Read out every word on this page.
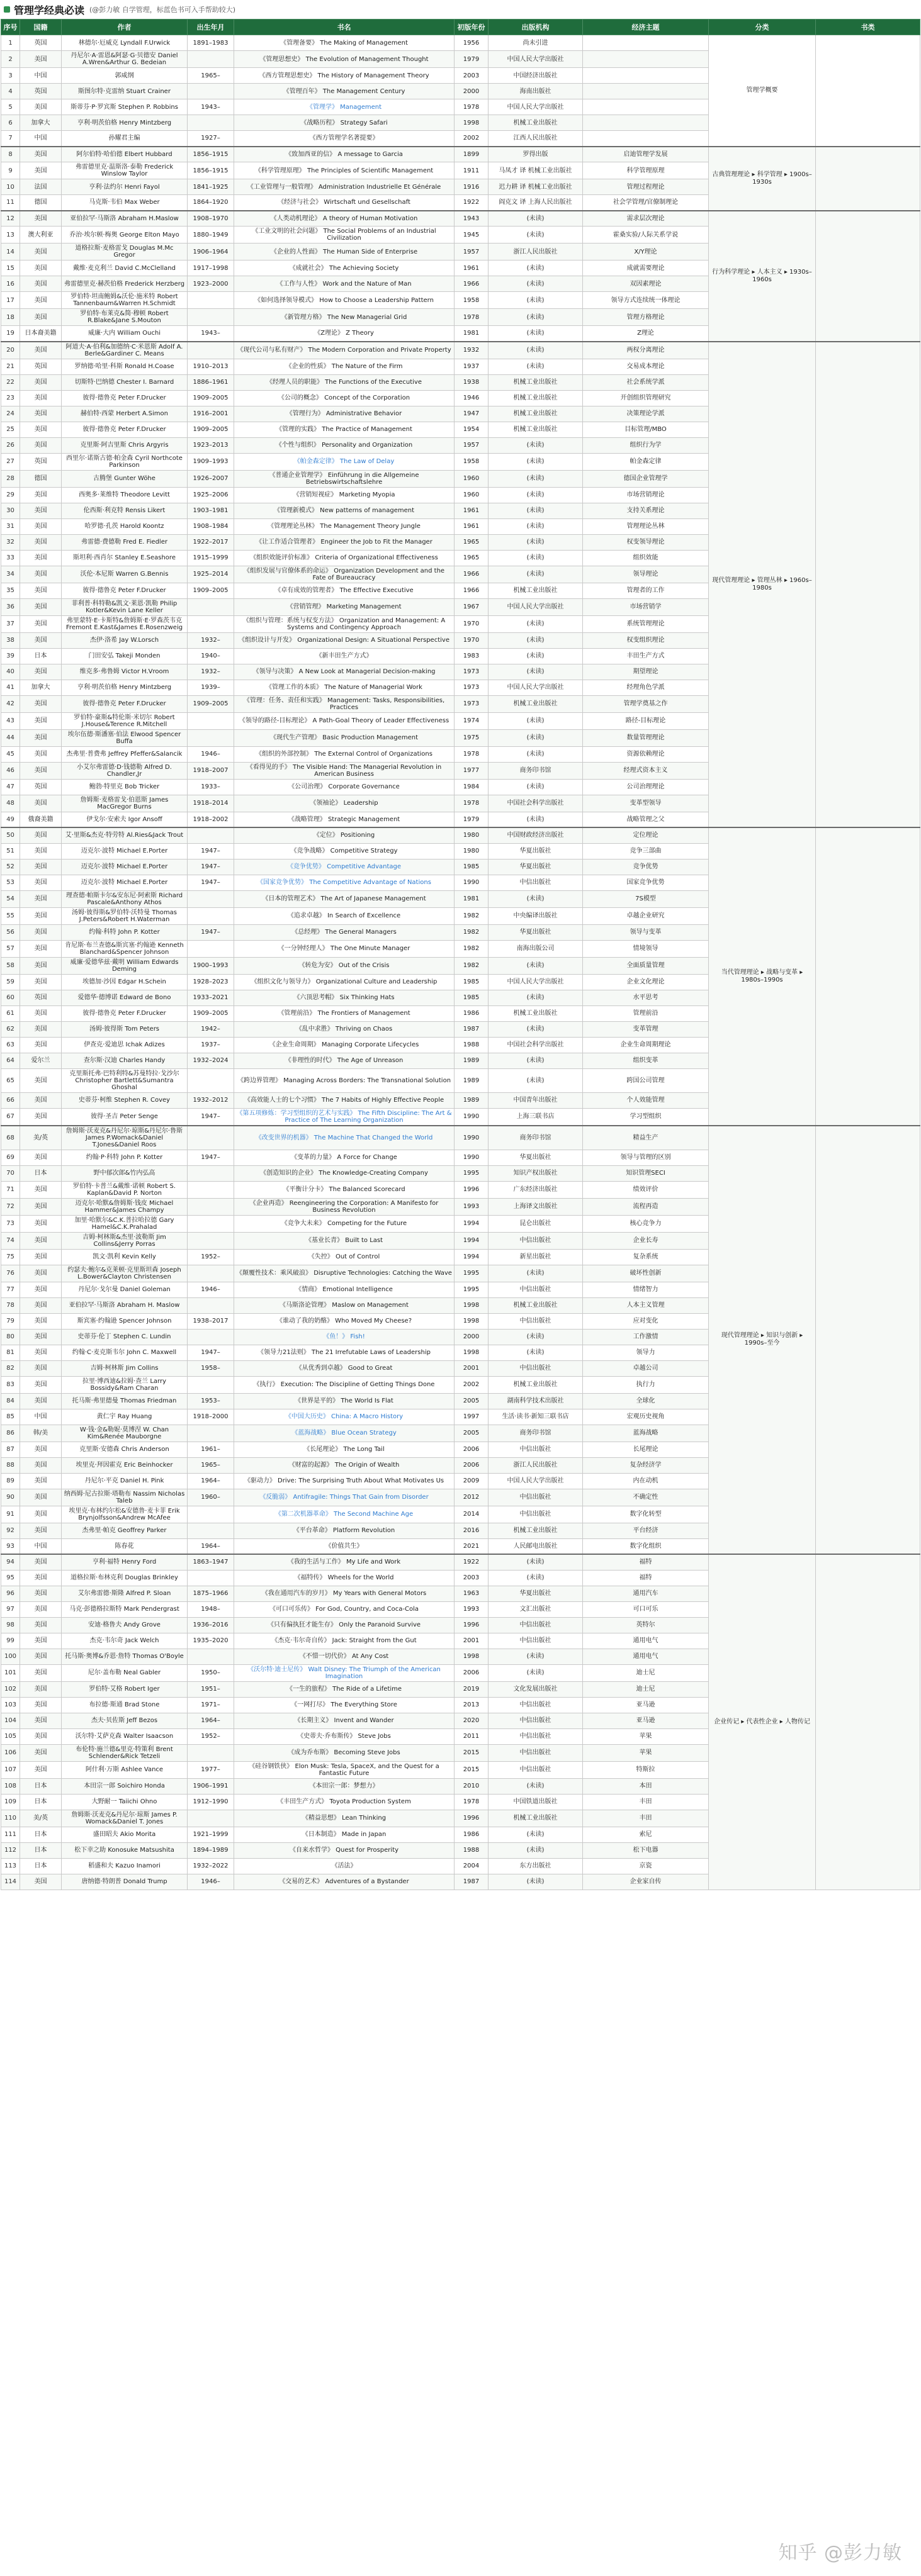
管理学经典必读 (@彭力敏 自学管理，标蓝色书可入手帮助较大)
序号	国籍	作者	出生年月	书名	初版年份	出版机构	经济主题	分类	书类
1	英国	林德尔·厄威克 Lyndall F.Urwick	1891–1983	《管理备要》 The Making of Management	1956	尚未引进		管理学概要	
2	美国	丹尼尔·A·雷恩&阿瑟·G·贝德安 Daniel A.Wren&Arthur G. Bedeian		《管理思想史》 The Evolution of Management Thought	1979	中国人民大学出版社			
3	中国	郭咸纲	1965–	《西方管理思想史》 The History of Management Theory	2003	中国经济出版社			
4	英国	斯图尔特·克雷纳 Stuart Crainer		《管理百年》 The Management Century	2000	海南出版社			
5	美国	斯蒂芬·P·罗宾斯 Stephen P. Robbins	1943–	《管理学》 Management	1978	中国人民大学出版社			
6	加拿大	亨利·明茨伯格 Henry Mintzberg		《战略历程》 Strategy Safari	1998	机械工业出版社			
7	中国	孙耀君主编	1927–	《西方管理学名著提要》	2002	江西人民出版社			
8	美国	阿尔伯特·哈伯德 Elbert Hubbard	1856–1915	《致加西亚的信》 A message to Garcia	1899	罗得出版	启迪管理学发展	古典管理理论 ▸ 科学管理 ▸ 1900s–1930s	
9	美国	弗雷德里克·温斯洛·泰勒 Frederick Winslow Taylor	1856–1915	《科学管理原理》 The Principles of Scientific Management	1911	马凤才 译 机械工业出版社	科学管理原理		
10	法国	亨利·法约尔 Henri Fayol	1841–1925	《工业管理与一般管理》 Administration Industrielle Et Générale	1916	迟力耕 译 机械工业出版社	管理过程理论		
11	德国	马克斯·韦伯 Max Weber	1864–1920	《经济与社会》 Wirtschaft und Gesellschaft	1922	阎克文 译 上海人民出版社	社会学管理/官僚制理论		
12	美国	亚伯拉罕·马斯洛 Abraham H.Maslow	1908–1970	《人类动机理论》 A theory of Human Motivation	1943	(未读)	需求层次理论	行为科学理论 ▸ 人本主义 ▸ 1930s–1960s	
13	澳大利亚	乔治·埃尔顿·梅奥 George Elton Mayo	1880–1949	《工业文明的社会问题》 The Social Problems of an Industrial Civilization	1945	(未读)	霍桑实验/人际关系学说		
14	美国	道格拉斯·麦格雷戈 Douglas M.Mc Gregor	1906–1964	《企业的人性面》 The Human Side of Enterprise	1957	浙江人民出版社	X/Y理论		
15	美国	戴维·麦克利兰 David C.McClelland	1917–1998	《成就社会》 The Achieving Society	1961	(未读)	成就需要理论		
16	美国	弗雷德里克·赫茨伯格 Frederick Herzberg	1923–2000	《工作与人性》 Work and the Nature of Man	1966	(未读)	双因素理论		
17	美国	罗伯特·坦南鲍姆&沃伦·施米特 Robert Tannenbaum&Warren H.Schmidt		《如何选择领导模式》 How to Choose a Leadership Pattern	1958	(未读)	领导方式连续统一体理论		
18	美国	罗伯特·布莱克&简·穆顿 Robert R.Blake&Jane S.Mouton		《新管理方格》 The New Managerial Grid	1978	(未读)	管理方格理论		
19	日本裔美籍	威廉·大内 William Ouchi	1943–	《Z理论》 Z Theory	1981	(未读)	Z理论		
20	美国	阿道夫·A·伯利&加德纳·C·米恩斯 Adolf A. Berle&Gardiner C. Means		《现代公司与私有财产》 The Modern Corporation and Private Property	1932	(未读)	两权分离理论	现代管理理论 ▸ 管理丛林 ▸ 1960s–1980s	
21	英国	罗纳德·哈里·科斯 Ronald H.Coase	1910–2013	《企业的性质》 The Nature of the Firm	1937	(未读)	交易成本理论		
22	美国	切斯特·巴纳德 Chester I. Barnard	1886–1961	《经理人员的职能》 The Functions of the Executive	1938	机械工业出版社	社会系统学派		
23	美国	彼得·德鲁克 Peter F.Drucker	1909–2005	《公司的概念》 Concept of the Corporation	1946	机械工业出版社	开创组织管理研究		
24	美国	赫伯特·西蒙 Herbert A.Simon	1916–2001	《管理行为》 Administrative Behavior	1947	机械工业出版社	决策理论学派		
25	美国	彼得·德鲁克 Peter F.Drucker	1909–2005	《管理的实践》 The Practice of Management	1954	机械工业出版社	目标管理/MBO		
26	美国	克里斯·阿吉里斯 Chris Argyris	1923–2013	《个性与组织》 Personality and Organization	1957	(未读)	组织行为学		
27	英国	西里尔·诺斯古德·帕金森 Cyril Northcote Parkinson	1909–1993	《帕金森定律》 The Law of Delay	1958	(未读)	帕金森定律		
28	德国	古腾堡 Gunter Wöhe	1926–2007	《普通企业管理学》 Einführung in die Allgemeine Betriebswirtschaftslehre	1960	(未读)	德国企业管理学		
29	美国	西奥多·莱维特 Theodore Levitt	1925–2006	《营销短视症》 Marketing Myopia	1960	(未读)	市场营销理论		
30	美国	伦西斯·利克特 Rensis Likert	1903–1981	《管理新模式》 New patterns of management	1961	(未读)	支持关系理论		
31	美国	哈罗德·孔茨 Harold Koontz	1908–1984	《管理理论丛林》 The Management Theory Jungle	1961	(未读)	管理理论丛林		
32	美国	弗雷德·费德勒 Fred E. Fiedler	1922–2017	《让工作适合管理者》 Engineer the Job to Fit the Manager	1965	(未读)	权变领导理论		
33	美国	斯坦利·西肖尔 Stanley E.Seashore	1915–1999	《组织效能评价标准》 Criteria of Organizational Effectiveness	1965	(未读)	组织效能		
34	美国	沃伦·本尼斯 Warren G.Bennis	1925–2014	《组织发展与官僚体系的命运》 Organization Development and the Fate of Bureaucracy	1966	(未读)	领导理论		
35	美国	彼得·德鲁克 Peter F.Drucker	1909–2005	《卓有成效的管理者》 The Effective Executive	1966	机械工业出版社	管理者的工作		
36	美国	菲利普·科特勒&凯文·莱恩·凯勒 Philip Kotler&Kevin Lane Keller		《营销管理》 Marketing Management	1967	中国人民大学出版社	市场营销学		
37	美国	弗里蒙特·E·卡斯特&詹姆斯·E·罗森茨韦克 Fremont E.Kast&James E.Rosenzweig		《组织与管理：系统与权变方法》 Organization and Management: A Systems and Contingency Approach	1970	(未读)	系统管理理论		
38	美国	杰伊·洛希 Jay W.Lorsch	1932–	《组织设计与开发》 Organizational Design: A Situational Perspective	1970	(未读)	权变组织理论		
39	日本	门田安弘 Takeji Monden	1940–	《新丰田生产方式》	1983	(未读)	丰田生产方式		
40	美国	维克多·弗鲁姆 Victor H.Vroom	1932–	《领导与决策》 A New Look at Managerial Decision-making	1973	(未读)	期望理论		
41	加拿大	亨利·明茨伯格 Henry Mintzberg	1939–	《管理工作的本质》 The Nature of Managerial Work	1973	中国人民大学出版社	经理角色学派		
42	美国	彼得·德鲁克 Peter F.Drucker	1909–2005	《管理：任务、责任和实践》 Management: Tasks, Responsibilities, Practices	1973	机械工业出版社	管理学奠基之作		
43	美国	罗伯特·豪斯&特伦斯·米切尔 Robert J.House&Terence R.Mitchell		《领导的路径-目标理论》 A Path-Goal Theory of Leader Effectiveness	1974	(未读)	路径-目标理论		
44	美国	埃尔伍德·斯潘塞·伯法 Elwood Spencer Buffa		《现代生产管理》 Basic Production Management	1975	(未读)	数量管理理论		
45	美国	杰弗里·普费弗 Jeffrey Pfeffer&Salancik	1946–	《组织的外部控制》 The External Control of Organizations	1978	(未读)	资源依赖理论		
46	美国	小艾尔弗雷德·D·钱德勒 Alfred D. Chandler,Jr	1918–2007	《看得见的手》 The Visible Hand: The Managerial Revolution in American Business	1977	商务印书馆	经理式资本主义		
47	英国	鲍勃·特里克 Bob Tricker	1933–	《公司治理》 Corporate Governance	1984	(未读)	公司治理理论		
48	美国	詹姆斯·麦格雷戈·伯恩斯 James MacGregor Burns	1918–2014	《领袖论》 Leadership	1978	中国社会科学出版社	变革型领导		
49	俄裔美籍	伊戈尔·安索夫 Igor Ansoff	1918–2002	《战略管理》 Strategic Management	1979	(未读)	战略管理之父		
50	美国	艾·里斯&杰克·特劳特 Al.Ries&Jack Trout		《定位》 Positioning	1980	中国财政经济出版社	定位理论	当代管理理论 ▸ 战略与变革 ▸ 1980s–1990s	
51	美国	迈克尔·波特 Michael E.Porter	1947–	《竞争战略》 Competitive Strategy	1980	华夏出版社	竞争三部曲		
52	美国	迈克尔·波特 Michael E.Porter	1947–	《竞争优势》 Competitive Advantage	1985	华夏出版社	竞争优势		
53	美国	迈克尔·波特 Michael E.Porter	1947–	《国家竞争优势》 The Competitive Advantage of Nations	1990	中信出版社	国家竞争优势		
54	美国	理查德·帕斯卡尔&安东尼·阿索斯 Richard Pascale&Anthony Athos		《日本的管理艺术》 The Art of Japanese Management	1981	(未读)	7S模型		
55	美国	汤姆·彼得斯&罗伯特·沃特曼 Thomas J.Peters&Robert H.Waterman		《追求卓越》 In Search of Excellence	1982	中央编译出版社	卓越企业研究		
56	美国	约翰·科特 John P. Kotter	1947–	《总经理》 The General Managers	1982	华夏出版社	领导与变革		
57	美国	肯尼斯·布兰查德&斯宾塞·约翰逊 Kenneth Blanchard&Spencer Johnson		《一分钟经理人》 The One Minute Manager	1982	南海出版公司	情境领导		
58	美国	威廉·爱德华兹·戴明 William Edwards Deming	1900–1993	《转危为安》 Out of the Crisis	1982	(未读)	全面质量管理		
59	美国	埃德加·沙因 Edgar H.Schein	1928–2023	《组织文化与领导力》 Organizational Culture and Leadership	1985	中国人民大学出版社	企业文化理论		
60	英国	爱德华·德博诺 Edward de Bono	1933–2021	《六顶思考帽》 Six Thinking Hats	1985	(未读)	水平思考		
61	美国	彼得·德鲁克 Peter F.Drucker	1909–2005	《管理前沿》 The Frontiers of Management	1986	机械工业出版社	管理前沿		
62	美国	汤姆·彼得斯 Tom Peters	1942–	《乱中求胜》 Thriving on Chaos	1987	(未读)	变革管理		
63	美国	伊查克·爱迪思 Ichak Adizes	1937–	《企业生命周期》 Managing Corporate Lifecycles	1988	中国社会科学出版社	企业生命周期理论		
64	爱尔兰	查尔斯·汉迪 Charles Handy	1932–2024	《非理性的时代》 The Age of Unreason	1989	(未读)	组织变革		
65	美国	克里斯托弗·巴特利特&苏曼特拉·戈沙尔 Christopher Bartlett&Sumantra Ghoshal		《跨边界管理》 Managing Across Borders: The Transnational Solution	1989	(未读)	跨国公司管理		
66	美国	史蒂芬·柯维 Stephen R. Covey	1932–2012	《高效能人士的七个习惯》 The 7 Habits of Highly Effective People	1989	中国青年出版社	个人效能管理		
67	美国	彼得·圣吉 Peter Senge	1947–	《第五项修炼：学习型组织的艺术与实践》 The Fifth Discipline: The Art & Practice of The Learning Organization	1990	上海三联书店	学习型组织		
68	美/英	詹姆斯·沃麦克&丹尼尔·琼斯&丹尼尔·鲁斯 James P.Womack&Daniel T.Jones&Daniel Roos		《改变世界的机器》 The Machine That Changed the World	1990	商务印书馆	精益生产	现代管理理论 ▸ 知识与创新 ▸ 1990s–至今	
69	美国	约翰·P·科特 John P. Kotter	1947–	《变革的力量》 A Force for Change	1990	华夏出版社	领导与管理的区别		
70	日本	野中郁次郎&竹内弘高		《创造知识的企业》 The Knowledge-Creating Company	1995	知识产权出版社	知识管理SECI		
71	美国	罗伯特·卡普兰&戴维·诺顿 Robert S. Kaplan&David P. Norton		《平衡计分卡》 The Balanced Scorecard	1996	广东经济出版社	绩效评价		
72	美国	迈克尔·哈默&詹姆斯·钱皮 Michael Hammer&James Champy		《企业再造》 Reengineering the Corporation: A Manifesto for Business Revolution	1993	上海译文出版社	流程再造		
73	美国	加里·哈默尔&C.K.普拉哈拉德 Gary Hamel&C.K.Prahalad		《竞争大未来》 Competing for the Future	1994	昆仑出版社	核心竞争力		
74	美国	吉姆·柯林斯&杰里·波勒斯 Jim Collins&Jerry Porras		《基业长青》 Built to Last	1994	中信出版社	企业长寿		
75	美国	凯文·凯利 Kevin Kelly	1952–	《失控》 Out of Control	1994	新星出版社	复杂系统		
76	美国	约瑟夫·鲍尔&克莱顿·克里斯坦森 Joseph L.Bower&Clayton Christensen		《颠覆性技术：乘风破浪》 Disruptive Technologies: Catching the Wave	1995	(未读)	破坏性创新		
77	美国	丹尼尔·戈尔曼 Daniel Goleman	1946–	《情商》 Emotional Intelligence	1995	中信出版社	情绪智力		
78	美国	亚伯拉罕·马斯洛 Abraham H. Maslow		《马斯洛论管理》 Maslow on Management	1998	机械工业出版社	人本主义管理		
79	美国	斯宾塞·约翰逊 Spencer Johnson	1938–2017	《谁动了我的奶酪》 Who Moved My Cheese?	1998	中信出版社	应对变化		
80	美国	史蒂芬·伦丁 Stephen C. Lundin		《鱼！》 Fish!	2000	(未读)	工作激情		
81	美国	约翰·C·麦克斯韦尔 John C. Maxwell	1947–	《领导力21法则》 The 21 Irrefutable Laws of Leadership	1998	(未读)	领导力		
82	美国	吉姆·柯林斯 Jim Collins	1958–	《从优秀到卓越》 Good to Great	2001	中信出版社	卓越公司		
83	美国	拉里·博西迪&拉姆·查兰 Larry Bossidy&Ram Charan		《执行》 Execution: The Discipline of Getting Things Done	2002	机械工业出版社	执行力		
84	美国	托马斯·弗里德曼 Thomas Friedman	1953–	《世界是平的》 The World Is Flat	2005	湖南科学技术出版社	全球化		
85	中国	黄仁宇 Ray Huang	1918–2000	《中国大历史》 China: A Macro History	1997	生活·读书·新知三联书店	宏观历史视角		
86	韩/美	W·钱·金&勒妮·莫博涅 W. Chan Kim&Renée Mauborgne		《蓝海战略》 Blue Ocean Strategy	2005	商务印书馆	蓝海战略		
87	美国	克里斯·安德森 Chris Anderson	1961–	《长尾理论》 The Long Tail	2006	中信出版社	长尾理论		
88	美国	埃里克·拜因霍克 Eric Beinhocker	1965–	《财富的起源》 The Origin of Wealth	2006	浙江人民出版社	复杂经济学		
89	美国	丹尼尔·平克 Daniel H. Pink	1964–	《驱动力》 Drive: The Surprising Truth About What Motivates Us	2009	中国人民大学出版社	内在动机		
90	美国	纳西姆·尼古拉斯·塔勒布 Nassim Nicholas Taleb	1960–	《反脆弱》 Antifragile: Things That Gain from Disorder	2012	中信出版社	不确定性		
91	美国	埃里克·布林约尔松&安德鲁·麦卡菲 Erik Brynjolfsson&Andrew McAfee		《第二次机器革命》 The Second Machine Age	2014	中信出版社	数字化转型		
92	美国	杰弗里·帕克 Geoffrey Parker		《平台革命》 Platform Revolution	2016	机械工业出版社	平台经济		
93	中国	陈春花	1964–	《价值共生》	2021	人民邮电出版社	数字化组织		
94	美国	亨利·福特 Henry Ford	1863–1947	《我的生活与工作》 My Life and Work	1922	(未读)	福特	企业传记 ▸ 代表性企业 ▸ 人物传记	
95	美国	道格拉斯·布林克利 Douglas Brinkley		《福特传》 Wheels for the World	2003	(未读)	福特		
96	美国	艾尔弗雷德·斯隆 Alfred P. Sloan	1875–1966	《我在通用汽车的岁月》 My Years with General Motors	1963	华夏出版社	通用汽车		
97	美国	马克·彭德格拉斯特 Mark Pendergrast	1948–	《可口可乐传》 For God, Country, and Coca-Cola	1993	文汇出版社	可口可乐		
98	美国	安迪·格鲁夫 Andy Grove	1936–2016	《只有偏执狂才能生存》 Only the Paranoid Survive	1996	中信出版社	英特尔		
99	美国	杰克·韦尔奇 Jack Welch	1935–2020	《杰克·韦尔奇自传》 Jack: Straight from the Gut	2001	中信出版社	通用电气		
100	美国	托马斯·奥博&乔恩·詹特 Thomas O'Boyle		《不惜一切代价》 At Any Cost	1998	(未读)	通用电气		
101	美国	尼尔·盖布勒 Neal Gabler	1950–	《沃尔特·迪士尼传》 Walt Disney: The Triumph of the American Imagination	2006	(未读)	迪士尼		
102	美国	罗伯特·艾格 Robert Iger	1951–	《一生的旅程》 The Ride of a Lifetime	2019	文化发展出版社	迪士尼		
103	美国	布拉德·斯通 Brad Stone	1971–	《一网打尽》 The Everything Store	2013	中信出版社	亚马逊		
104	美国	杰夫·贝佐斯 Jeff Bezos	1964–	《长期主义》 Invent and Wander	2020	中信出版社	亚马逊		
105	美国	沃尔特·艾萨克森 Walter Isaacson	1952–	《史蒂夫·乔布斯传》 Steve Jobs	2011	中信出版社	苹果		
106	美国	布伦特·施兰德&里克·特策利 Brent Schlender&Rick Tetzeli		《成为乔布斯》 Becoming Steve Jobs	2015	中信出版社	苹果		
107	美国	阿什利·万斯 Ashlee Vance	1977–	《硅谷钢铁侠》 Elon Musk: Tesla, SpaceX, and the Quest for a Fantastic Future	2015	中信出版社	特斯拉		
108	日本	本田宗一郎 Soichiro Honda	1906–1991	《本田宗一郎：梦想力》	2010	(未读)	本田		
109	日本	大野耐一 Taiichi Ohno	1912–1990	《丰田生产方式》 Toyota Production System	1978	中国铁道出版社	丰田		
110	美/英	詹姆斯·沃麦克&丹尼尔·琼斯 James P. Womack&Daniel T. Jones		《精益思想》 Lean Thinking	1996	机械工业出版社	丰田		
111	日本	盛田昭夫 Akio Morita	1921–1999	《日本制造》 Made in Japan	1986	(未读)	索尼		
112	日本	松下幸之助 Konosuke Matsushita	1894–1989	《自来水哲学》 Quest for Prosperity	1988	(未读)	松下电器		
113	日本	稻盛和夫 Kazuo Inamori	1932–2022	《活法》	2004	东方出版社	京瓷		
114	美国	唐纳德·特朗普 Donald Trump	1946–	《交易的艺术》 Adventures of a Bystander	1987	(未读)	企业家自传		
知乎 @彭力敏
